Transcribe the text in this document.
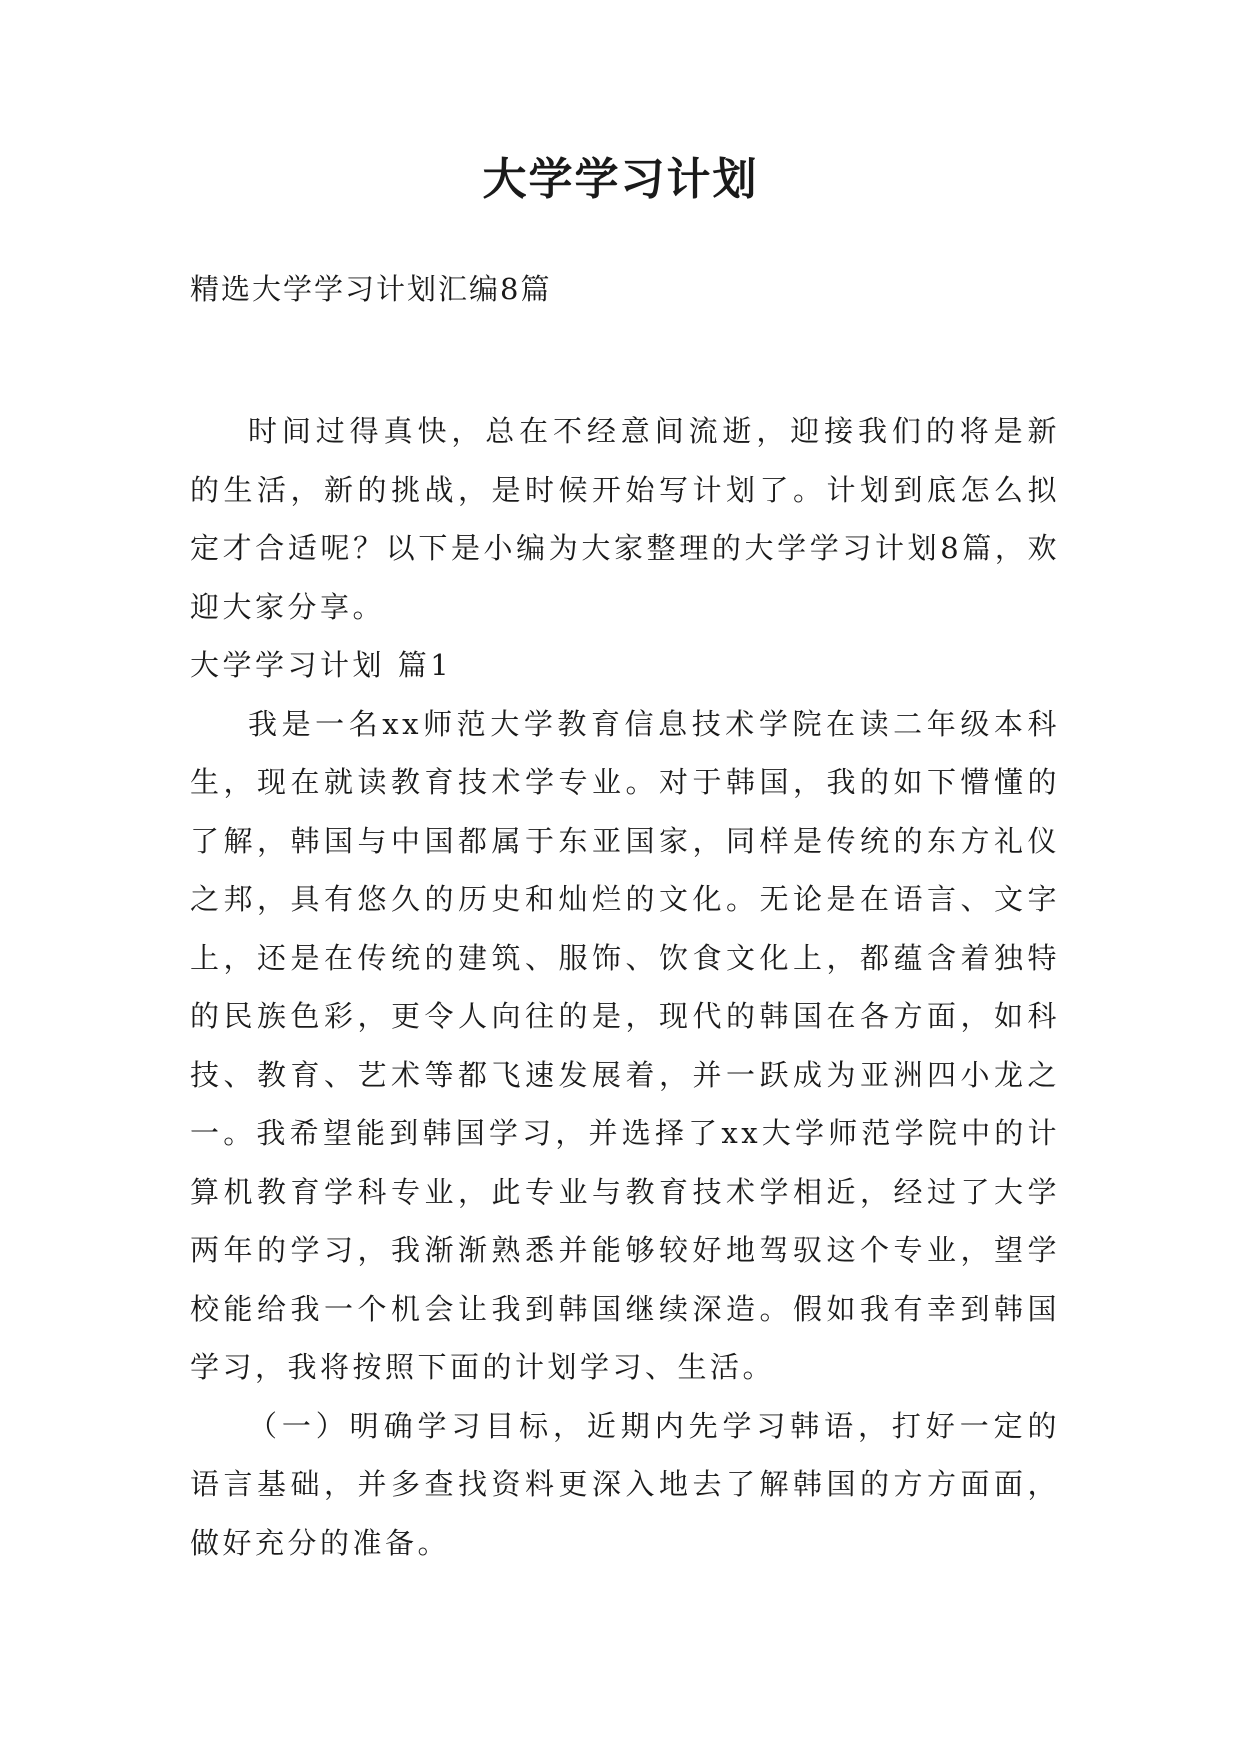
大学学习计划
精选大学学习计划汇编8篇

时间过得真快，总在不经意间流逝，迎接我们的将是新的生活，新的挑战，是时候开始写计划了。计划到底怎么拟定才合适呢？以下是小编为大家整理的大学学习计划8篇，欢迎大家分享。

大学学习计划 篇1

我是一名xx师范大学教育信息技术学院在读二年级本科生，现在就读教育技术学专业。对于韩国，我的如下懵懂的了解，韩国与中国都属于东亚国家，同样是传统的东方礼仪之邦，具有悠久的历史和灿烂的文化。无论是在语言、文字上，还是在传统的建筑、服饰、饮食文化上，都蕴含着独特的民族色彩，更令人向往的是，现代的韩国在各方面，如科技、教育、艺术等都飞速发展着，并一跃成为亚洲四小龙之一。我希望能到韩国学习，并选择了xx大学师范学院中的计算机教育学科专业，此专业与教育技术学相近，经过了大学两年的学习，我渐渐熟悉并能够较好地驾驭这个专业，望学校能给我一个机会让我到韩国继续深造。假如我有幸到韩国学习，我将按照下面的计划学习、生活。

（一）明确学习目标，近期内先学习韩语，打好一定的语言基础，并多查找资料更深入地去了解韩国的方方面面，做好充分的准备。
